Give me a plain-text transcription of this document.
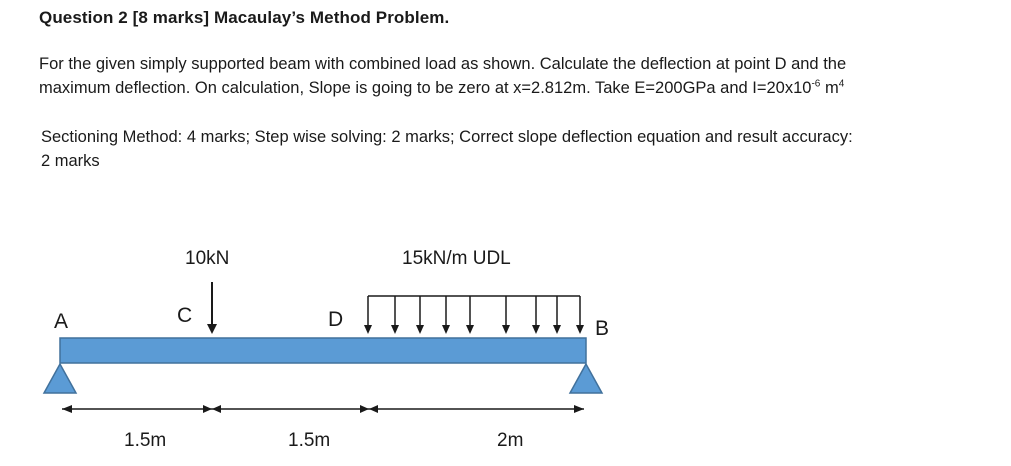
Question 2 [8 marks] Macaulay’s Method Problem.
For the given simply supported beam with combined load as shown. Calculate the deflection at point D and the
maximum deflection. On calculation, Slope is going to be zero at x=2.812m. Take E=200GPa and $I=20x10^{-6}$ $m^4$
Sectioning Method: 4 marks; Step wise solving: 2 marks; Correct slope deflection equation and result accuracy:
2 marks
10kN	15kN/m UDL
A	C	D	B
1.5m	1.5m	2m
